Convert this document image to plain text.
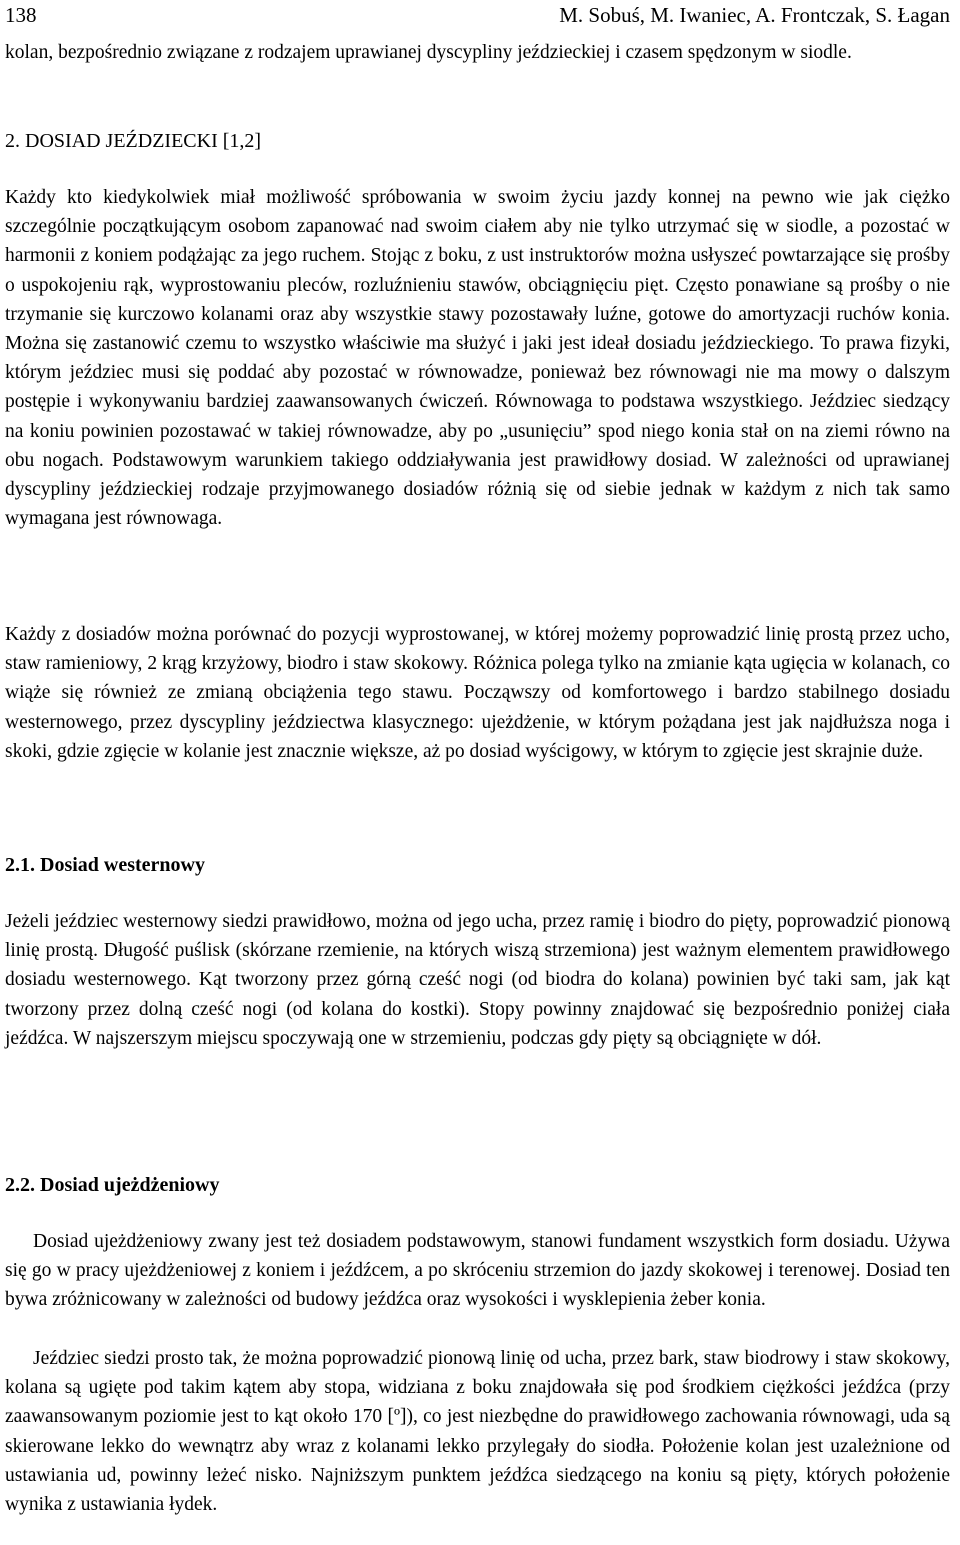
138	M. Sobuś, M. Iwaniec, A. Frontczak, S. Łagan

kolan, bezpośrednio związane z rodzajem uprawianej dyscypliny jeździeckiej i czasem spędzonym w siodle.

2. DOSIAD JEŹDZIECKI [1,2]

Każdy kto kiedykolwiek miał możliwość spróbowania w swoim życiu jazdy konnej na pewno wie jak ciężko szczególnie początkującym osobom zapanować nad swoim ciałem aby nie tylko utrzymać się w siodle, a pozostać w harmonii z koniem podążając za jego ruchem. Stojąc z boku, z ust instruktorów można usłyszeć powtarzające się prośby o uspokojeniu rąk, wyprostowaniu pleców, rozluźnieniu stawów, obciągnięciu pięt. Często ponawiane są prośby o nie trzymanie się kurczowo kolanami oraz aby wszystkie stawy pozostawały luźne, gotowe do amortyzacji ruchów konia. Można się zastanowić czemu to wszystko właściwie ma służyć i jaki jest ideał dosiadu jeździeckiego. To prawa fizyki, którym jeździec musi się poddać aby pozostać w równowadze, ponieważ bez równowagi nie ma mowy o dalszym postępie i wykonywaniu bardziej zaawansowanych ćwiczeń. Równowaga to podstawa wszystkiego. Jeździec siedzący na koniu powinien pozostawać w takiej równowadze, aby po „usunięciu” spod niego konia stał on na ziemi równo na obu nogach. Podstawowym warunkiem takiego oddziaływania jest prawidłowy dosiad. W zależności od uprawianej dyscypliny jeździeckiej rodzaje przyjmowanego dosiadów różnią się od siebie jednak w każdym z nich tak samo wymagana jest równowaga.

Każdy z dosiadów można porównać do pozycji wyprostowanej, w której możemy poprowadzić linię prostą przez ucho, staw ramieniowy, 2 krąg krzyżowy, biodro i staw skokowy. Różnica polega tylko na zmianie kąta ugięcia w kolanach, co wiąże się również ze zmianą obciążenia tego stawu. Począwszy od komfortowego i bardzo stabilnego dosiadu westernowego, przez dyscypliny jeździectwa klasycznego: ujeżdżenie, w którym pożądana jest jak najdłuższa noga i skoki, gdzie zgięcie w kolanie jest znacznie większe, aż po dosiad wyścigowy, w którym to zgięcie jest skrajnie duże.

2.1. Dosiad westernowy

Jeżeli jeździec westernowy siedzi prawidłowo, można od jego ucha, przez ramię i biodro do pięty, poprowadzić pionową linię prostą. Długość puślisk (skórzane rzemienie, na których wiszą strzemiona) jest ważnym elementem prawidłowego dosiadu westernowego. Kąt tworzony przez górną cześć nogi (od biodra do kolana) powinien być taki sam, jak kąt tworzony przez dolną cześć nogi (od kolana do kostki). Stopy powinny znajdować się bezpośrednio poniżej ciała jeźdźca. W najszerszym miejscu spoczywają one w strzemieniu, podczas gdy pięty są obciągnięte w dół.

2.2. Dosiad ujeżdżeniowy

Dosiad ujeżdżeniowy zwany jest też dosiadem podstawowym, stanowi fundament wszystkich form dosiadu. Używa się go w pracy ujeżdżeniowej z koniem i jeźdźcem, a po skróceniu strzemion do jazdy skokowej i terenowej. Dosiad ten bywa zróżnicowany w zależności od budowy jeźdźca oraz wysokości i wysklepienia żeber konia.

Jeździec siedzi prosto tak, że można poprowadzić pionową linię od ucha, przez bark, staw biodrowy i staw skokowy, kolana są ugięte pod takim kątem aby stopa, widziana z boku znajdowała się pod środkiem ciężkości jeźdźca (przy zaawansowanym poziomie jest to kąt około 170 [º]), co jest niezbędne do prawidłowego zachowania równowagi, uda są skierowane lekko do wewnątrz aby wraz z kolanami lekko przylegały do siodła. Położenie kolan jest uzależnione od ustawiania ud, powinny leżeć nisko. Najniższym punktem jeźdźca siedzącego na koniu są pięty, których położenie wynika z ustawiania łydek.
